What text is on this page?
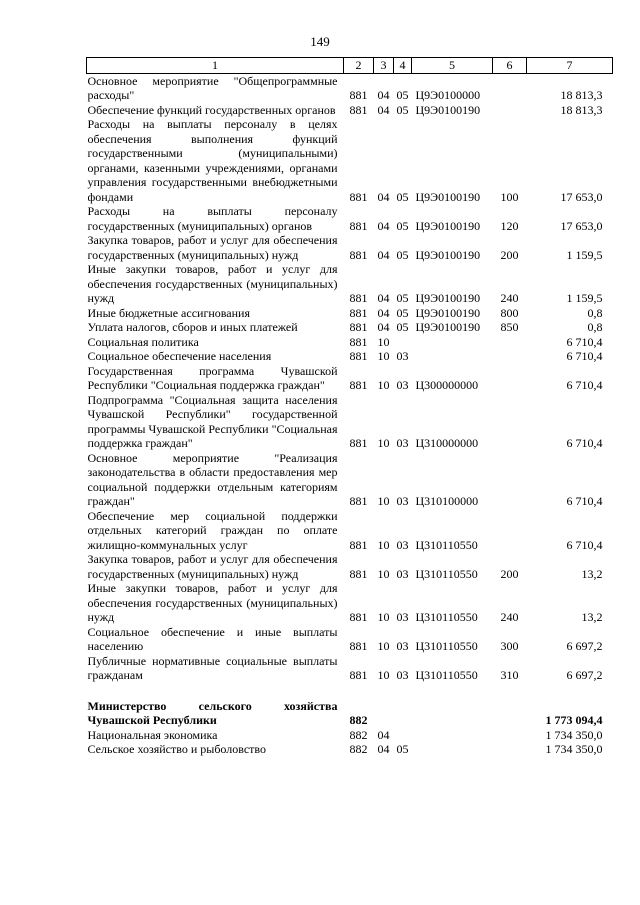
149
1	2	3	4	5	6	7
Основное мероприятие "Общепрограммные расходы"	881	04	05	Ц9Э0100000		18 813,3
Обеспечение функций государственных органов	881	04	05	Ц9Э0100190		18 813,3
Расходы на выплаты персоналу в целях обеспечения выполнения функций государственными (муниципальными) органами, казенными учреждениями, органами управления государственными внебюджетными фондами	881	04	05	Ц9Э0100190	100	17 653,0
Расходы на выплаты персоналу государственных (муниципальных) органов	881	04	05	Ц9Э0100190	120	17 653,0
Закупка товаров, работ и услуг для обеспечения государственных (муниципальных) нужд	881	04	05	Ц9Э0100190	200	1 159,5
Иные закупки товаров, работ и услуг для обеспечения государственных (муниципальных) нужд	881	04	05	Ц9Э0100190	240	1 159,5
Иные бюджетные ассигнования	881	04	05	Ц9Э0100190	800	0,8
Уплата налогов, сборов и иных платежей	881	04	05	Ц9Э0100190	850	0,8
Социальная политика	881	10				6 710,4
Социальное обеспечение населения	881	10	03			6 710,4
Государственная программа Чувашской Республики "Социальная поддержка граждан"	881	10	03	Ц300000000		6 710,4
Подпрограмма "Социальная защита населения Чувашской Республики" государственной программы Чувашской Республики "Социальная поддержка граждан"	881	10	03	Ц310000000		6 710,4
Основное мероприятие "Реализация законодательства в области предоставления мер социальной поддержки отдельным категориям граждан"	881	10	03	Ц310100000		6 710,4
Обеспечение мер социальной поддержки отдельных категорий граждан по оплате жилищно-коммунальных услуг	881	10	03	Ц310110550		6 710,4
Закупка товаров, работ и услуг для обеспечения государственных (муниципальных) нужд	881	10	03	Ц310110550	200	13,2
Иные закупки товаров, работ и услуг для обеспечения государственных (муниципальных) нужд	881	10	03	Ц310110550	240	13,2
Социальное обеспечение и иные выплаты населению	881	10	03	Ц310110550	300	6 697,2
Публичные нормативные социальные выплаты гражданам	881	10	03	Ц310110550	310	6 697,2

Министерство сельского хозяйства Чувашской Республики	882					1 773 094,4
Национальная экономика	882	04				1 734 350,0
Сельское хозяйство и рыболовство	882	04	05			1 734 350,0
